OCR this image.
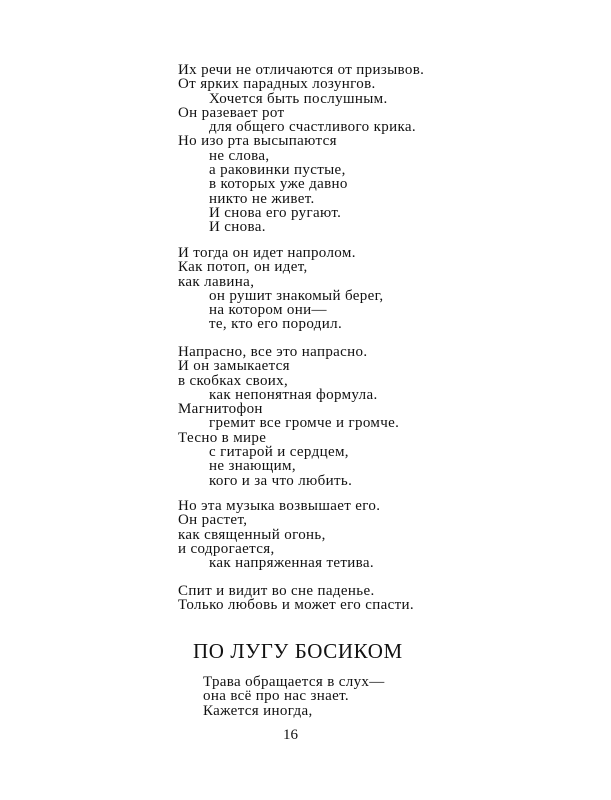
Их речи не отличаются от призывов.
От ярких парадных лозунгов.
Хочется быть послушным.
Он разевает рот
для общего счастливого крика.
Но изо рта высыпаются
не слова,
а раковинки пустые,
в которых уже давно
никто не живет.
И снова его ругают.
И снова.
И тогда он идет напролом.
Как потоп, он идет,
как лавина,
он рушит знакомый берег,
на котором они—
те, кто его породил.
Напрасно, все это напрасно.
И он замыкается
в скобках своих,
как непонятная формула.
Магнитофон
гремит все громче и громче.
Тесно в мире
с гитарой и сердцем,
не знающим,
кого и за что любить.
Но эта музыка возвышает его.
Он растет,
как священный огонь,
и содрогается,
как напряженная тетива.
Спит и видит во сне паденье.
Только любовь и может его спасти.
ПО ЛУГУ БОСИКОМ
Трава обращается в слух—
она всё про нас знает.
Кажется иногда,
16
